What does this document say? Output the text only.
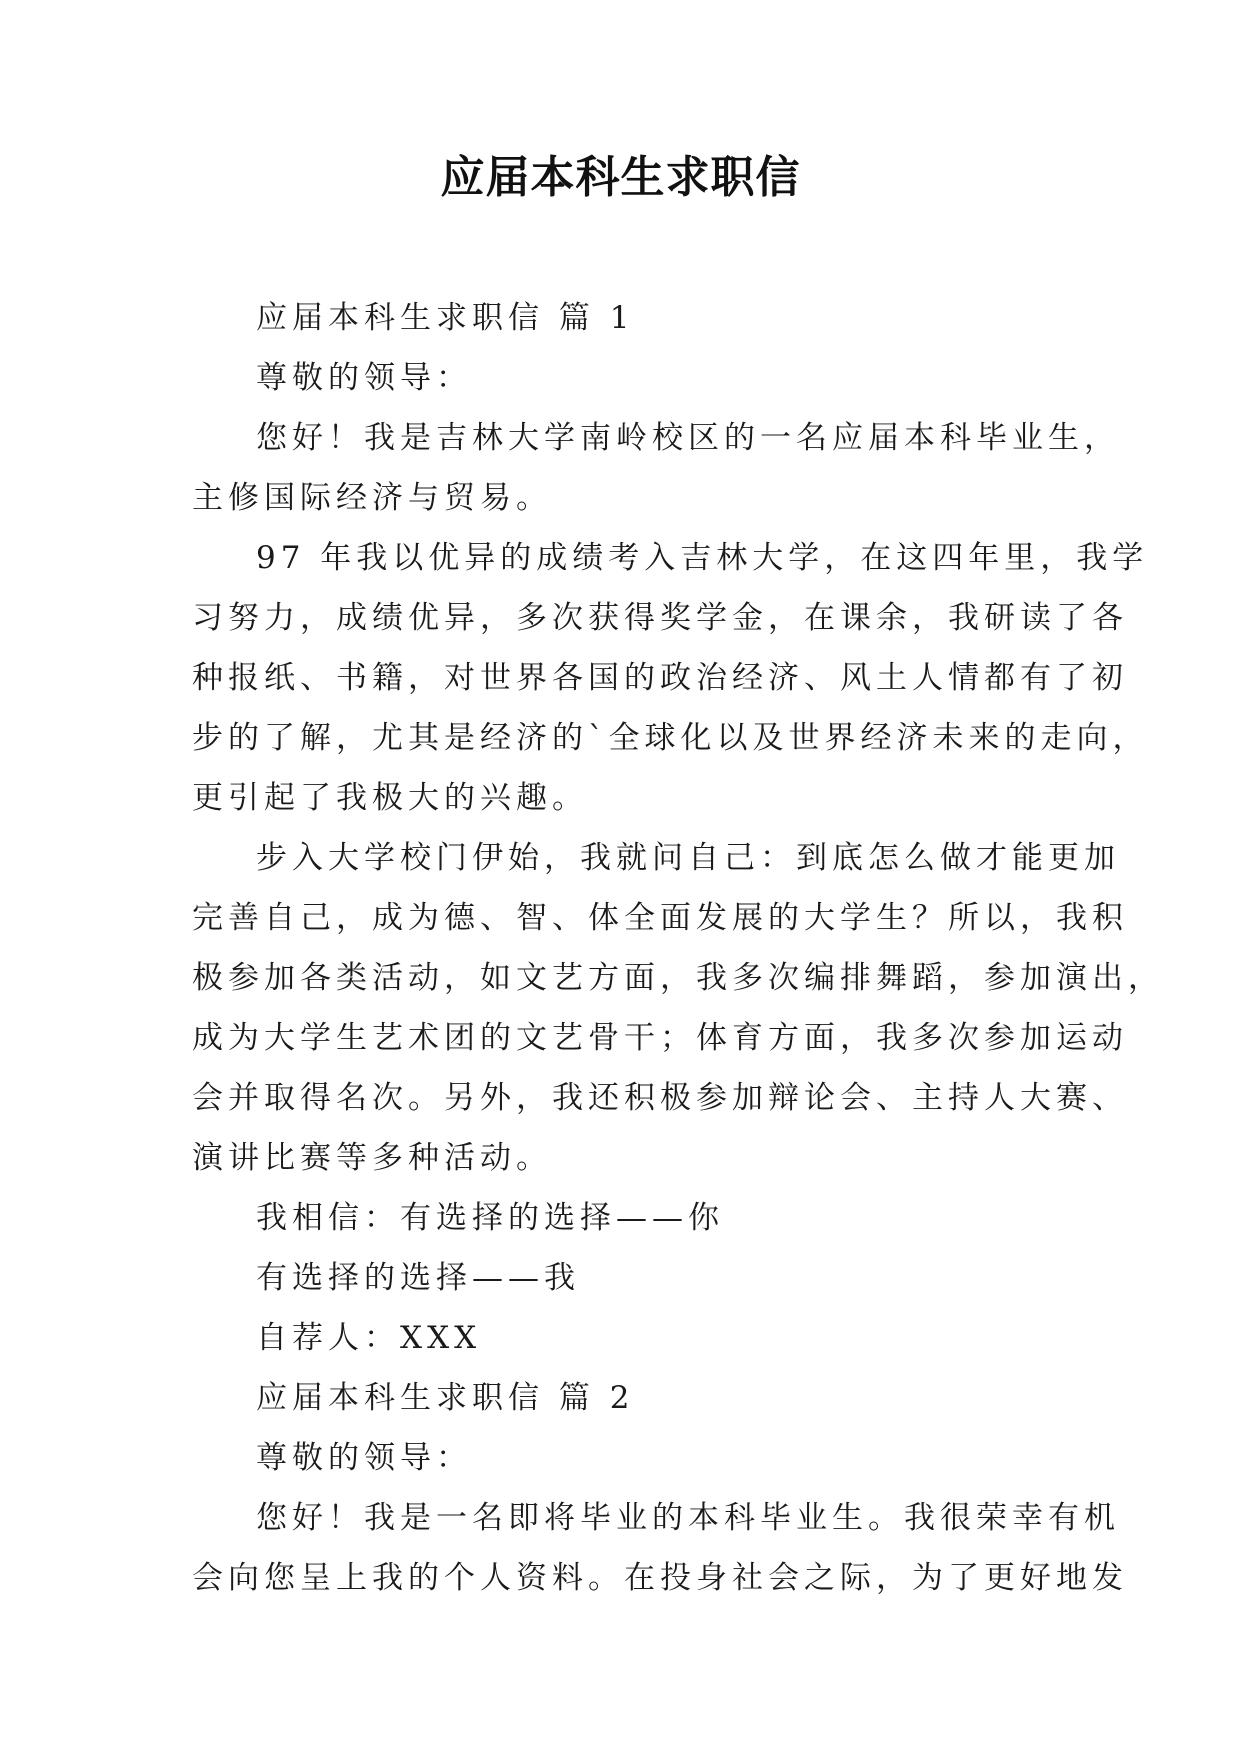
应届本科生求职信
应届本科生求职信 篇 1
尊敬的领导：
您好！我是吉林大学南岭校区的一名应届本科毕业生，
主修国际经济与贸易。
97 年我以优异的成绩考入吉林大学，在这四年里，我学
习努力，成绩优异，多次获得奖学金，在课余，我研读了各
种报纸、书籍，对世界各国的政治经济、风土人情都有了初
步的了解，尤其是经济的`全球化以及世界经济未来的走向，
更引起了我极大的兴趣。
步入大学校门伊始，我就问自己：到底怎么做才能更加
完善自己，成为德、智、体全面发展的大学生？所以，我积
极参加各类活动，如文艺方面，我多次编排舞蹈，参加演出，
成为大学生艺术团的文艺骨干；体育方面，我多次参加运动
会并取得名次。另外，我还积极参加辩论会、主持人大赛、
演讲比赛等多种活动。
我相信：有选择的选择——你
有选择的选择——我
自荐人：XXX
应届本科生求职信 篇 2
尊敬的领导：
您好！我是一名即将毕业的本科毕业生。我很荣幸有机
会向您呈上我的个人资料。在投身社会之际，为了更好地发
